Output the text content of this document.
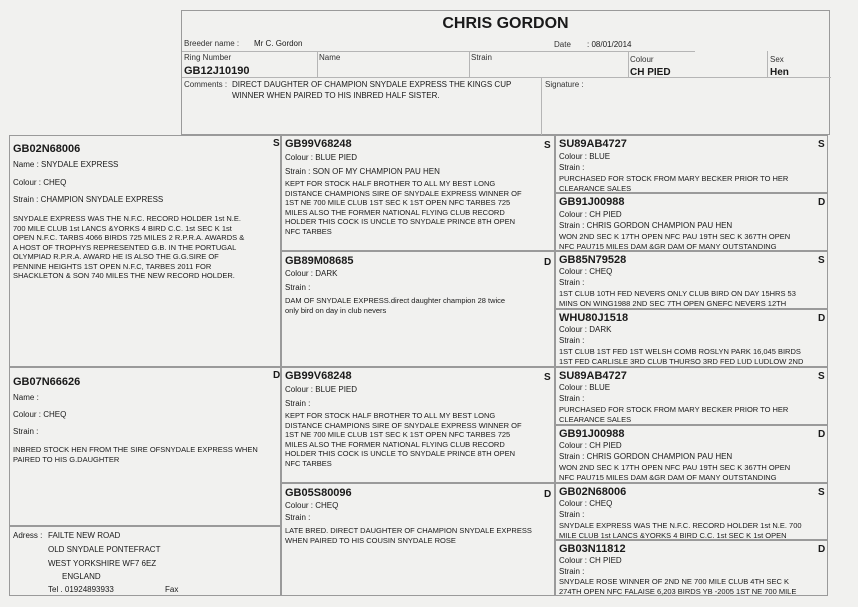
CHRIS GORDON
Breeder name : Mr C. Gordon	Date : 08/01/2014
Ring Number
GB12J10190
Name	Strain	Colour
CH PIED
Sex
Hen
Comments : DIRECT DAUGHTER OF CHAMPION SNYDALE EXPRESS THE KINGS CUP
WINNER WHEN PAIRED TO HIS INBRED HALF SISTER.
Signature :
GB02N68006	S
Name : SNYDALE EXPRESS
Colour : CHEQ
Strain : CHAMPION SNYDALE EXPRESS
SNYDALE EXPRESS WAS THE N.F.C. RECORD HOLDER 1st N.E.
700 MILE CLUB 1st LANCS &YORKS 4 BIRD C.C. 1st SEC K 1st
OPEN N.F.C. TARBS 4066 BIRDS 725 MILES 2 R.P.R.A. AWARDS &
A HOST OF TROPHYS REPRESENTED G.B. IN THE PORTUGAL
OLYMPIAD R.P.R.A. AWARD HE IS ALSO THE G.G.SIRE OF
PENNINE HEIGHTS 1ST OPEN N.F.C, TARBES 2011 FOR
SHACKLETON & SON 740 MILES THE NEW RECORD HOLDER.
GB07N66626
D
Name :
Colour : CHEQ
Strain :
INBRED STOCK HEN FROM THE SIRE OFSNYDALE EXPRESS WHEN
PAIRED TO HIS G.DAUGHTER
Adress : FAILTE NEW ROAD
OLD SNYDALE PONTEFRACT
WEST YORKSHIRE WF7 6EZ
ENGLAND
Tel . 01924893933	Fax
GB99V68248	S
Colour : BLUE PIED
Strain : SON OF MY CHAMPION PAU HEN
KEPT FOR STOCK HALF BROTHER TO ALL MY BEST LONG
DISTANCE CHAMPIONS SIRE OF SNYDALE EXPRESS WINNER OF
1ST NE 700 MILE CLUB 1ST SEC K 1ST OPEN NFC TARBES 725
MILES ALSO THE FORMER NATIONAL FLYING CLUB RECORD
HOLDER THIS COCK IS UNCLE TO SNYDALE PRINCE 8TH OPEN
NFC TARBES
GB89M08685	D
Colour : DARK
Strain :
DAM OF SNYDALE EXPRESS.direct daughter champion 28 twice
only bird on day in club nevers
GB99V68248	S
Colour : BLUE PIED
Strain :
KEPT FOR STOCK HALF BROTHER TO ALL MY BEST LONG
DISTANCE CHAMPIONS SIRE OF SNYDALE EXPRESS WINNER OF
1ST NE 700 MILE CLUB 1ST SEC K 1ST OPEN NFC TARBES 725
MILES ALSO THE FORMER NATIONAL FLYING CLUB RECORD
HOLDER THIS COCK IS UNCLE TO SNYDALE PRINCE 8TH OPEN
NFC TARBES
GB05S80096	D
Colour : CHEQ
Strain :
LATE BRED. DIRECT DAUGHTER OF CHAMPION SNYDALE EXPRESS
WHEN PAIRED TO HIS COUSIN SNYDALE ROSE
SU89AB4727	S
Colour : BLUE
Strain :
PURCHASED FOR STOCK FROM MARY BECKER PRIOR TO HER
CLEARANCE SALES
GB91J00988	D
Colour : CH PIED
Strain : CHRIS GORDON CHAMPION PAU HEN
WON 2ND SEC K 17TH OPEN NFC PAU 19TH SEC K 367TH OPEN
NFC PAU715 MILES DAM &GR DAM OF MANY OUTSTANDING
GB85N79528	S
Colour : CHEQ
Strain :
1ST CLUB 10TH FED NEVERS ONLY CLUB BIRD ON DAY 15HRS 53
MINS ON WING1988 2ND SEC 7TH OPEN GNEFC NEVERS 12TH
WHU80J1518	D
Colour : DARK
Strain :
1ST CLUB 1ST FED 1ST WELSH COMB ROSLYN PARK 16,045 BIRDS
1ST FED CARLISLE 3RD CLUB THURSO 3RD FED LUD LUDLOW 2ND
SU89AB4727	S
Colour : BLUE
Strain :
PURCHASED FOR STOCK FROM MARY BECKER PRIOR TO HER
CLEARANCE SALES
GB91J00988	D
Colour : CH PIED
Strain : CHRIS GORDON CHAMPION PAU HEN
WON 2ND SEC K 17TH OPEN NFC PAU 19TH SEC K 367TH OPEN
NFC PAU715 MILES DAM &GR DAM OF MANY OUTSTANDING
GB02N68006	S
Colour : CHEQ
Strain :
SNYDALE EXPRESS WAS THE N.F.C. RECORD HOLDER 1st N.E. 700
MILE CLUB 1st LANCS &YORKS 4 BIRD C.C. 1st SEC K 1st OPEN
GB03N11812	D
Colour : CH PIED
Strain :
SNYDALE ROSE WINNER OF 2ND NE 700 MILE CLUB 4TH SEC K
274TH OPEN NFC FALAISE 6,203 BIRDS YB -2005 1ST NE 700 MILE
